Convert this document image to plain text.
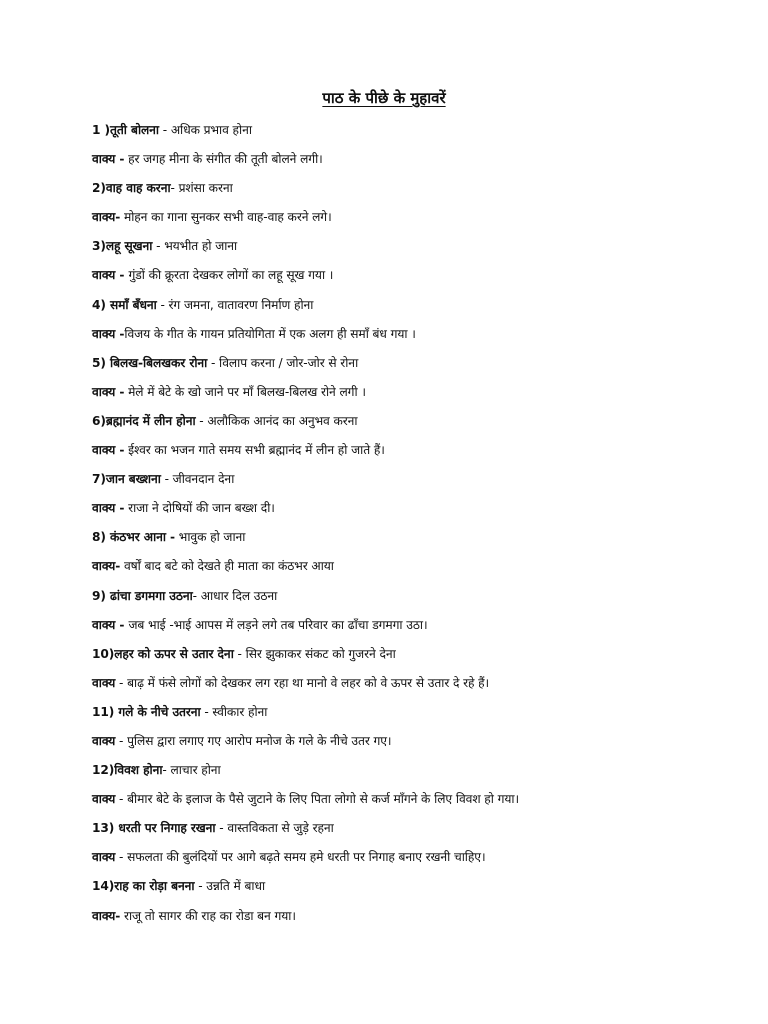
पाठ के पीछे के मुहावरें
1 )तूती बोलना - अधिक प्रभाव होना
वाक्य - हर जगह मीना के संगीत की तूती बोलने लगी।
2)वाह वाह करना- प्रशंसा करना
वाक्य- मोहन का गाना सुनकर सभी वाह-वाह करने लगे।
3)लहू सूखना - भयभीत हो जाना
वाक्य - गुंडों की क्रूरता देखकर लोगों का लहू सूख गया ।
4) समाँ बँधना - रंग जमना, वातावरण निर्माण होना
वाक्य -विजय के गीत के गायन प्रतियोगिता में एक अलग ही समाँ बंध गया ।
5) बिलख-बिलखकर रोना - विलाप करना / जोर-जोर से रोना
वाक्य - मेले में बेटे के खो जाने पर माँ बिलख-बिलख रोने लगी ।
6)ब्रह्मानंद में लीन होना - अलौकिक आनंद का अनुभव करना
वाक्य - ईश्वर का भजन गाते समय सभी ब्रह्मानंद में लीन हो जाते हैं।
7)जान बख्शना - जीवनदान देना
वाक्य - राजा ने दोषियों की जान बख्श दी।
8) कंठभर आना - भावुक हो जाना
वाक्य- वर्षों बाद बटे को देखते ही माता का कंठभर आया
9) ढांचा डगमगा उठना- आधार दिल उठना
वाक्य - जब भाई -भाई आपस में लड़ने लगे तब परिवार का ढाँचा डगमगा उठा।
10)लहर को ऊपर से उतार देना - सिर झुकाकर संकट को गुजरने देना
वाक्य - बाढ़ में फंसे लोगों को देखकर लग रहा था मानो वे लहर को वे ऊपर से उतार दे रहे हैं।
11) गले के नीचे उतरना - स्वीकार होना
वाक्य - पुलिस द्वारा लगाए गए आरोप मनोज के गले के नीचे उतर गए।
12)विवश होना- लाचार होना
वाक्य - बीमार बेटे के इलाज के पैसे जुटाने के लिए पिता लोगो से कर्ज माँगने के लिए विवश हो गया।
13) धरती पर निगाह रखना - वास्तविकता से जुड़े रहना
वाक्य - सफलता की बुलंदियों पर आगे बढ़ते समय हमे धरती पर निगाह बनाए रखनी चाहिए।
14)राह का रोड़ा बनना - उन्नति में बाधा
वाक्य- राजू तो सागर की राह का रोडा बन गया।
